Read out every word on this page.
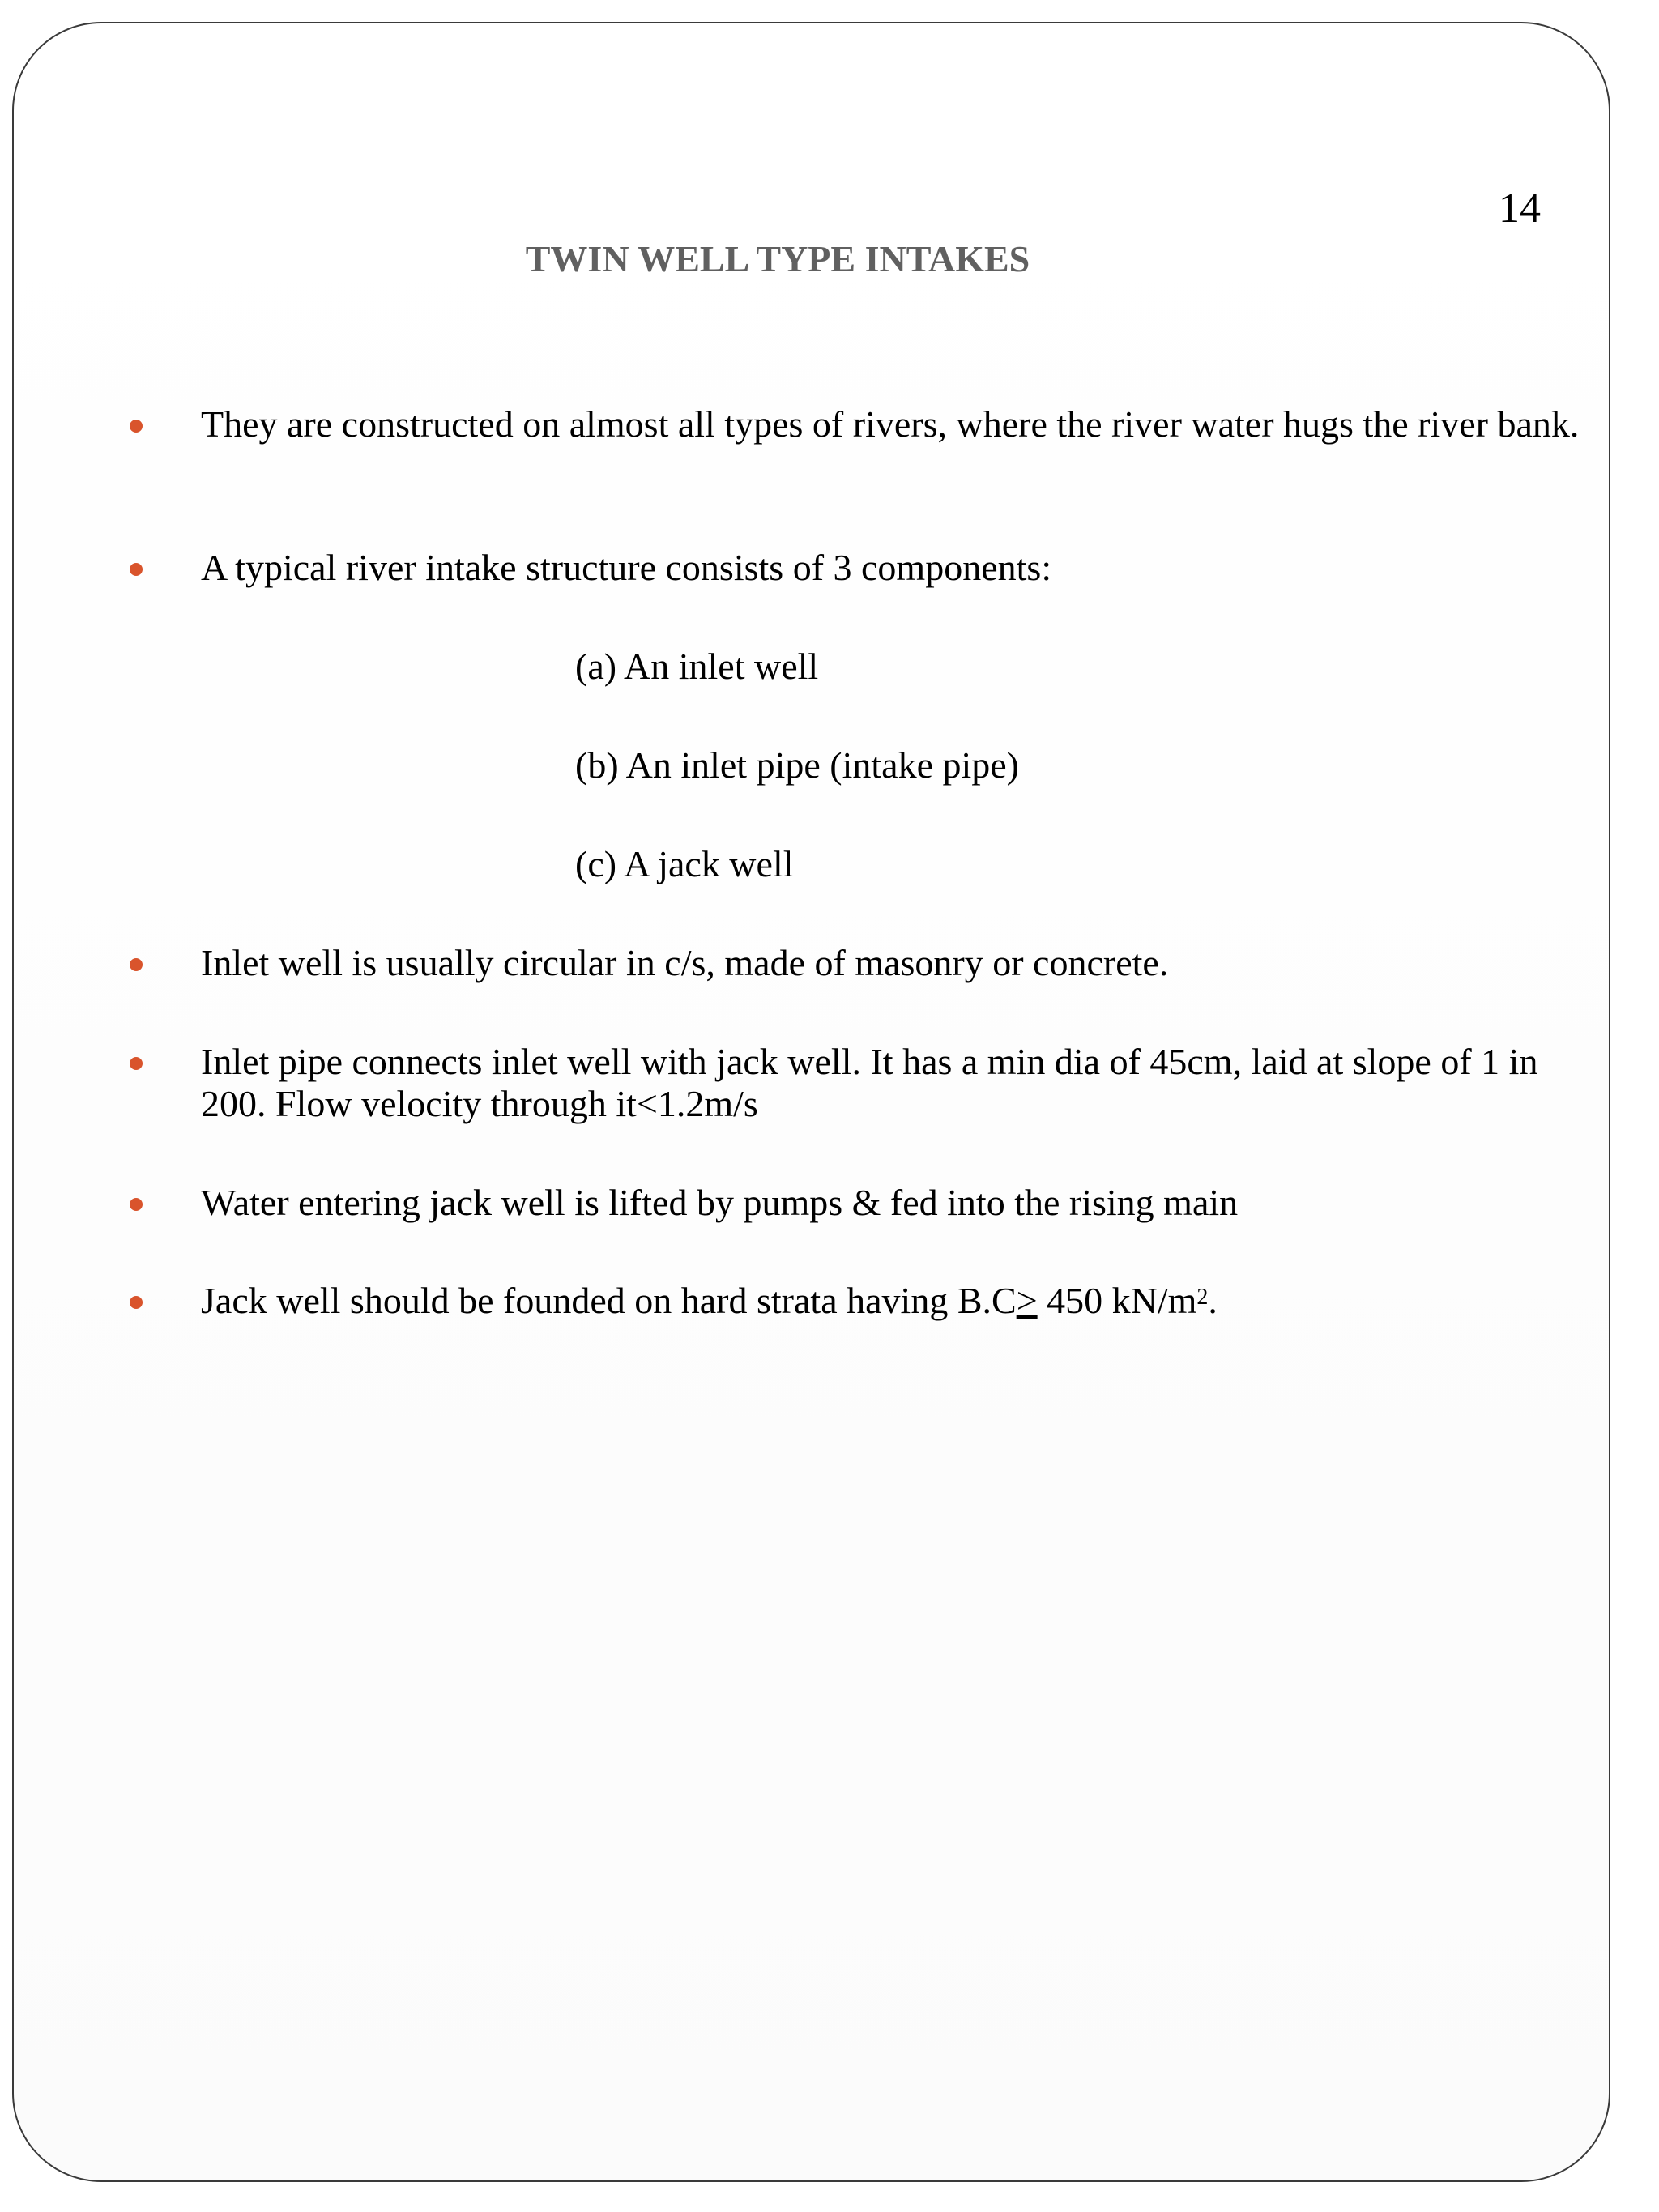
14
TWIN WELL TYPE INTAKES
They are constructed on almost all types of rivers, where the river water hugs the river bank.
A typical river intake structure consists of 3 components:
(a) An inlet well
(b) An inlet pipe (intake pipe)
(c) A jack well
Inlet well is usually circular in c/s, made of masonry or concrete.
Inlet pipe connects inlet well with jack well. It has a min dia of 45cm, laid at slope of 1 in 200. Flow velocity through it<1.2m/s
Water entering jack well is lifted by pumps & fed into the rising main
Jack well should be founded on hard strata having B.C≥ 450 $kN/m^2$.
